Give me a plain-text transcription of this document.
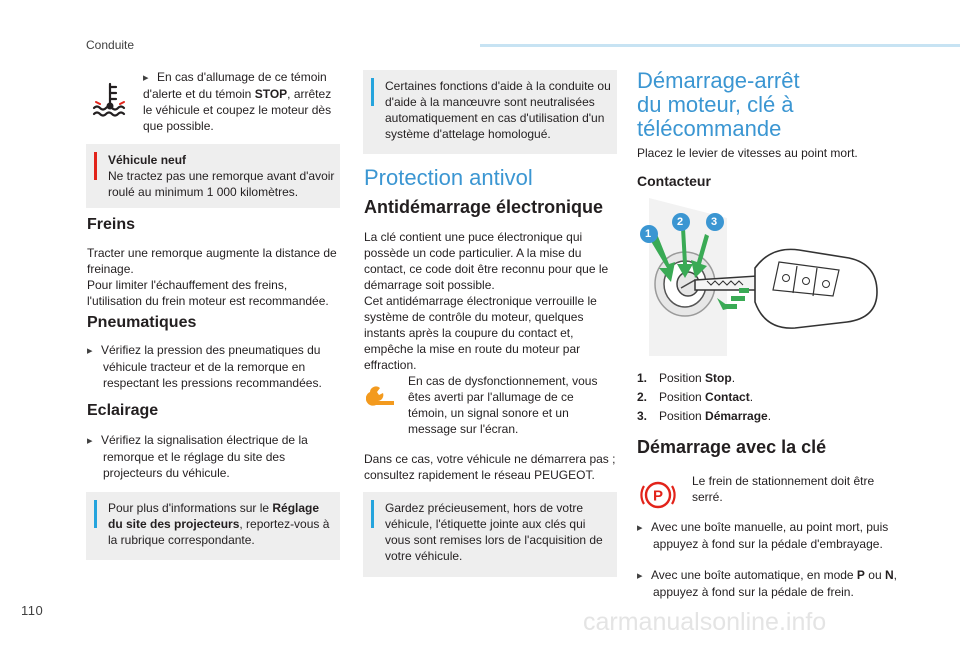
Conduite
▸ En cas d'allumage de ce témoin d'alerte et du témoin STOP, arrêtez le véhicule et coupez le moteur dès que possible.

Véhicule neuf

Ne tractez pas une remorque avant d'avoir roulé au minimum 1 000 kilomètres.

Freins

Tracter une remorque augmente la distance de freinage.

Pour limiter l'échauffement des freins, l'utilisation du frein moteur est recommandée.

Pneumatiques
▸ Vérifiez la pression des pneumatiques du véhicule tracteur et de la remorque en respectant les pressions recommandées.
Eclairage
▸ Vérifiez la signalisation électrique de la remorque et le réglage du site des projecteurs du véhicule.
Pour plus d'informations sur le Réglage du site des projecteurs, reportez-vous à la rubrique correspondante.
Certaines fonctions d'aide à la conduite ou d'aide à la manœuvre sont neutralisées automatiquement en cas d'utilisation d'un système d'attelage homologué.
Protection antivol
Antidémarrage électronique

La clé contient une puce électronique qui possède un code particulier. A la mise du contact, ce code doit être reconnu pour que le démarrage soit possible.

Cet antidémarrage électronique verrouille le système de contrôle du moteur, quelques instants après la coupure du contact et, empêche la mise en route du moteur par effraction.

En cas de dysfonctionnement, vous êtes averti par l'allumage de ce témoin, un signal sonore et un message sur l'écran.
Dans ce cas, votre véhicule ne démarrera pas ; consultez rapidement le réseau PEUGEOT.
Gardez précieusement, hors de votre véhicule, l'étiquette jointe aux clés qui vous sont remises lors de l'acquisition de votre véhicule.
Démarrage-arrêt
du moteur, clé à
télécommande
Placez le levier de vitesses au point mort.
Contacteur
1
2	3
1. Position Stop.
2. Position Contact.
3. Position Démarrage.
Démarrage avec la clé
P
Le frein de stationnement doit être serré.
▸ Avec une boîte manuelle, au point mort, puis appuyez à fond sur la pédale d'embrayage.
▸ Avec une boîte automatique, en mode P ou N, appuyez à fond sur la pédale de frein.
110	carmanualsonline.info
